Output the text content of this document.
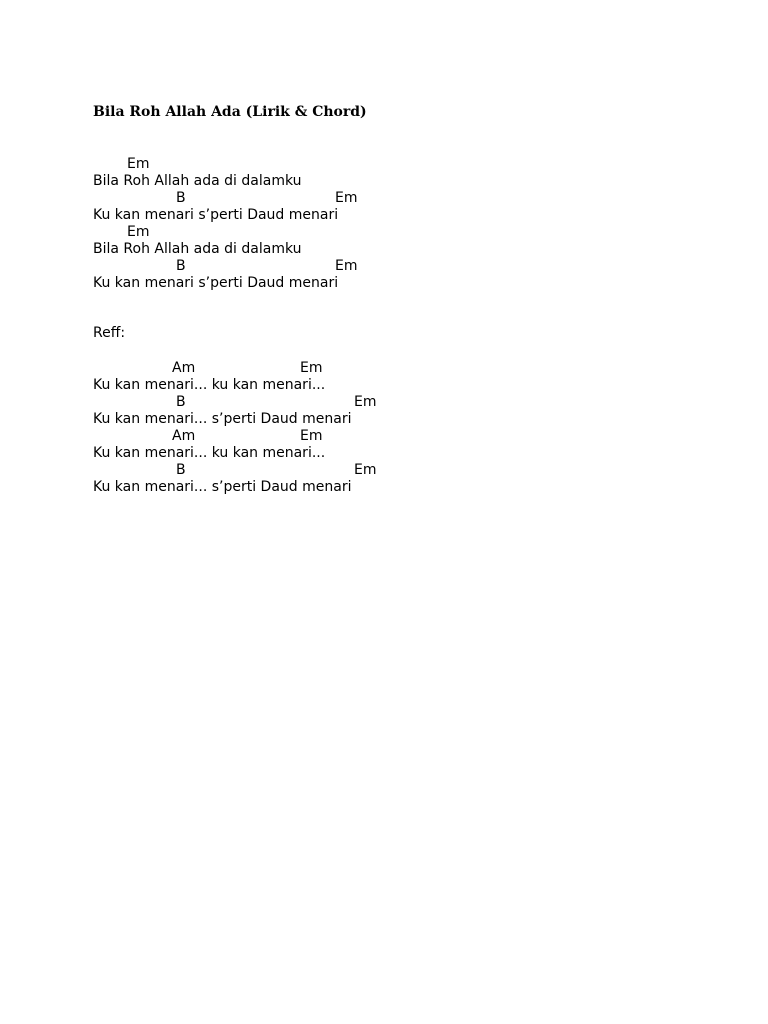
Bila Roh Allah Ada (Lirik & Chord)
Em
Bila Roh Allah ada di dalamku
B	Em
Ku kan menari s’perti Daud menari
Em
Bila Roh Allah ada di dalamku
B	Em
Ku kan menari s’perti Daud menari
Reff:
Am	Em
Ku kan menari... ku kan menari...
B	Em
Ku kan menari... s’perti Daud menari
Am	Em
Ku kan menari... ku kan menari...
B	Em
Ku kan menari... s’perti Daud menari
